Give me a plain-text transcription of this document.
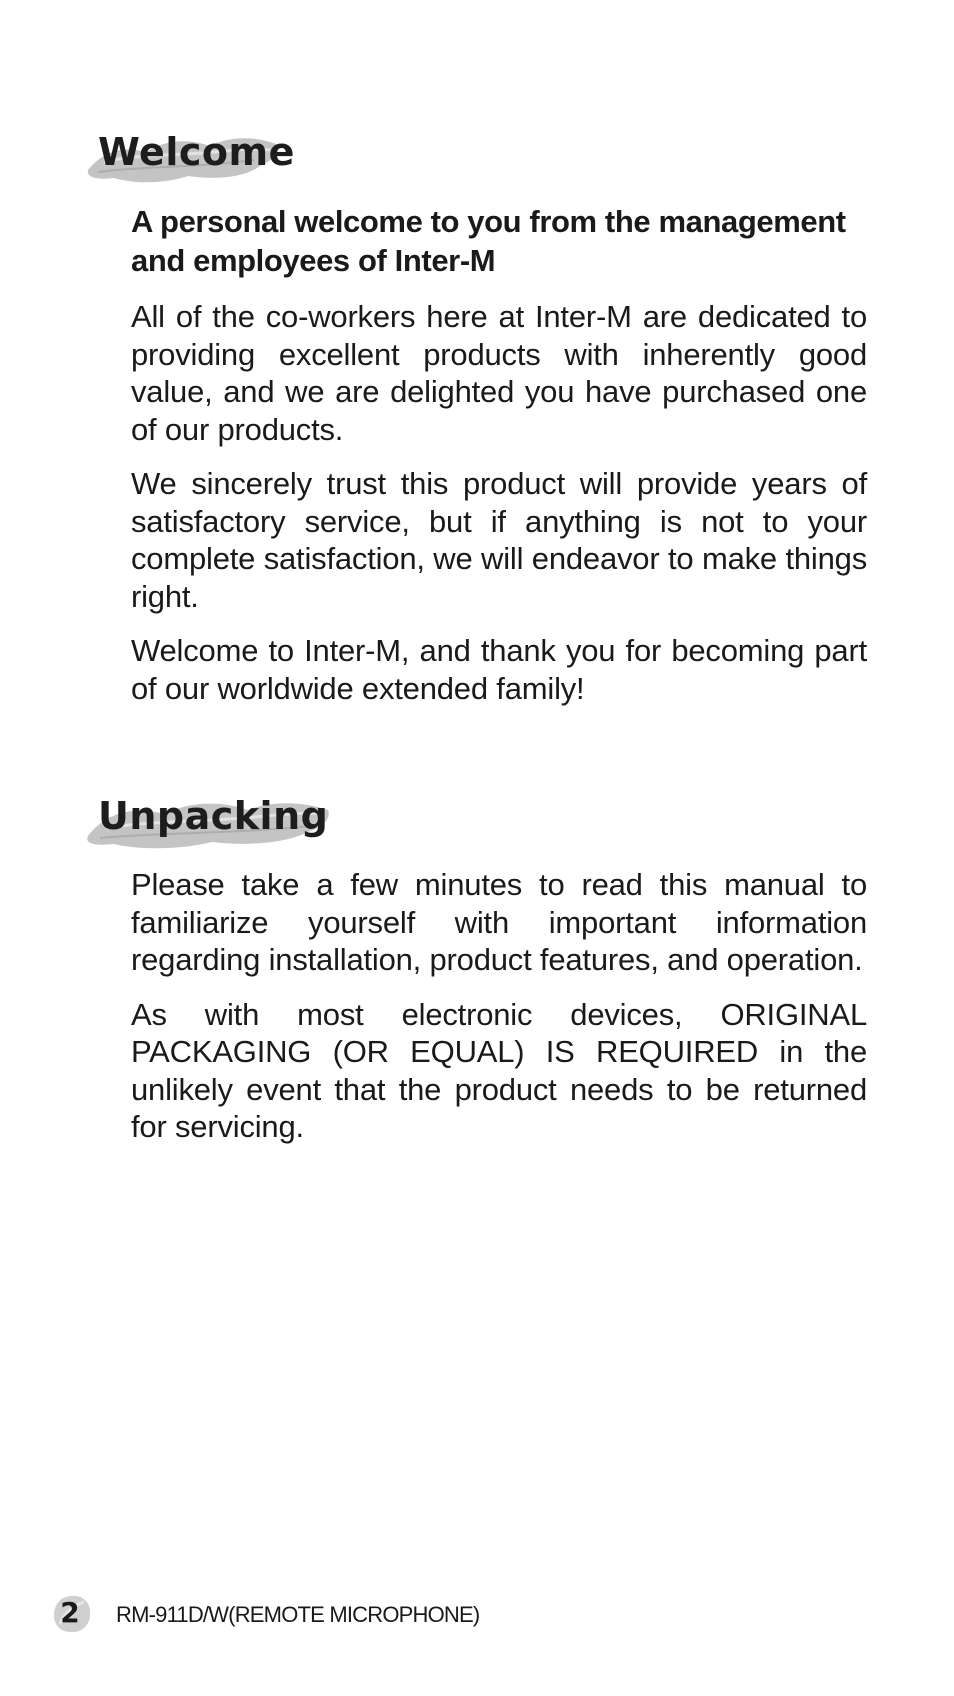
Welcome

A personal welcome to you from the management and employees of Inter-M

All of the co-workers here at Inter-M are dedicated to providing excellent products with inherently good value, and we are delighted you have purchased one of our products.

We sincerely trust this product will provide years of satisfactory service, but if anything is not to your complete satisfaction, we will endeavor to make things right.

Welcome to Inter-M, and thank you for becoming part of our worldwide extended family!

Unpacking

Please take a few minutes to read this manual to familiarize yourself with important information regarding installation, product features, and operation.

As with most electronic devices, ORIGINAL PACKAGING (OR EQUAL) IS REQUIRED in the unlikely event that the product needs to be returned for servicing.

2	RM-911D/W(REMOTE MICROPHONE)
